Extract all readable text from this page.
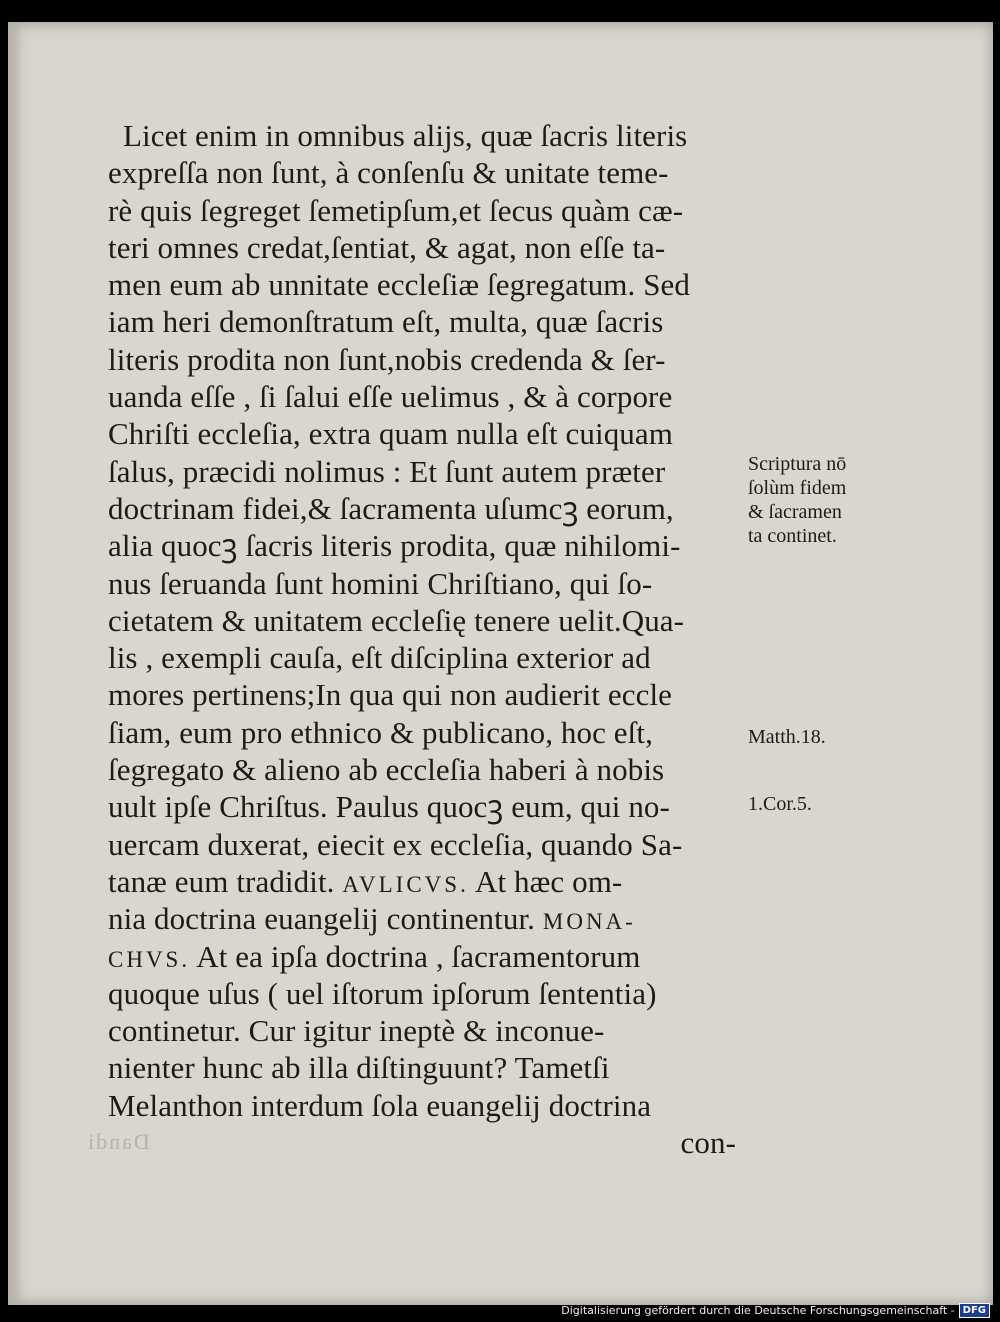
Licet enim in omnibus alijs, quæ ſacris literis
expreſſa non ſunt, à conſenſu & unitate teme-
rè quis ſegreget ſemetipſum,et ſecus quàm cæ-
teri omnes credat,ſentiat, & agat, non eſſe ta-
men eum ab unnitate eccleſiæ ſegregatum. Sed
iam heri demonſtratum eſt, multa, quæ ſacris
literis prodita non ſunt,nobis credenda & ſer-
uanda eſſe , ſi ſalui eſſe uelimus , & à corpore
Chriſti eccleſia, extra quam nulla eſt cuiquam
ſalus, præcidi nolimus : Et ſunt autem præter
doctrinam fidei,& ſacramenta uſumcꝫ eorum,
alia quocꝫ ſacris literis prodita, quæ nihilomi-
nus ſeruanda ſunt homini Chriſtiano, qui ſo-
cietatem & unitatem eccleſię tenere uelit.Qua-
lis , exempli cauſa, eſt diſciplina exterior ad
mores pertinens;In qua qui non audierit eccle
ſiam, eum pro ethnico & publicano, hoc eſt,
ſegregato & alieno ab eccleſia haberi à nobis
uult ipſe Chriſtus. Paulus quocꝫ eum, qui no-
uercam duxerat, eiecit ex eccleſia, quando Sa-
tanæ eum tradidit. AVLICVS. At hæc om-
nia doctrina euangelij continentur. MONA-
CHVS. At ea ipſa doctrina , ſacramentorum
quoque uſus ( uel iſtorum ipſorum ſententia)
continetur. Cur igitur ineptè & inconue-
nienter hunc ab illa diſtinguunt? Tametſi
Melanthon interdum ſola euangelij doctrina
con-
Scriptura nō
ſolùm fidem
& ſacramen
ta continet.
Matth.18.
1.Cor.5.
Dandi
Digitalisierung gefördert durch die Deutsche Forschungsgemeinschaft - DFG
